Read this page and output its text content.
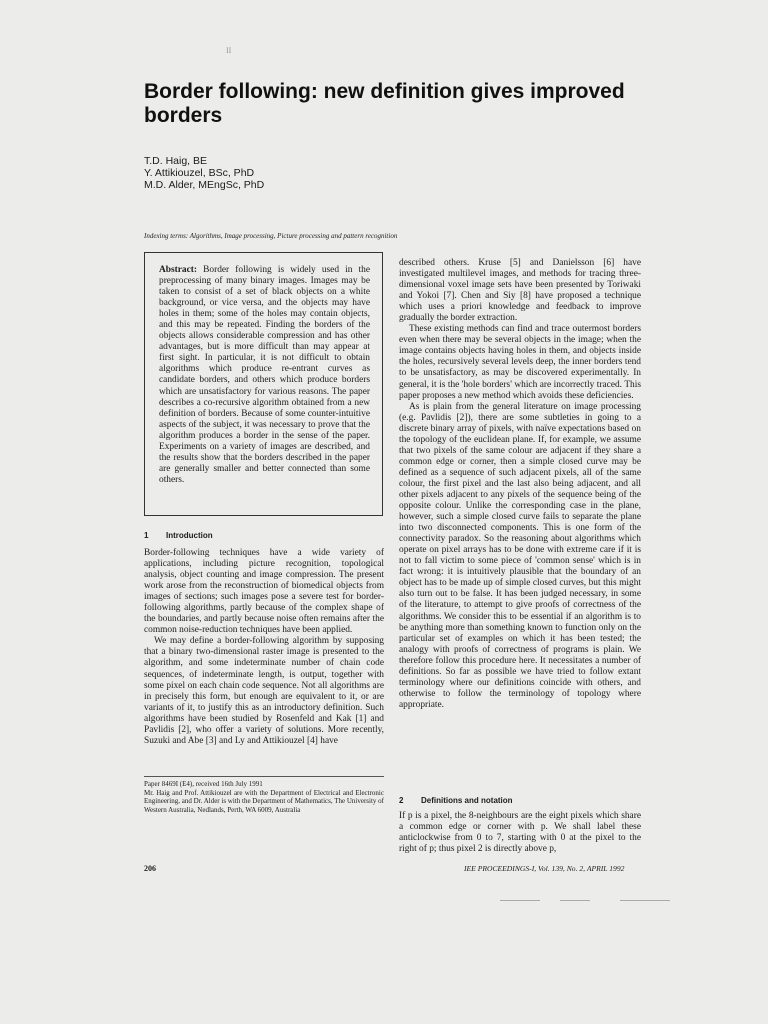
II
Border following: new definition gives improved borders
T.D. Haig, BE
Y. Attikiouzel, BSc, PhD
M.D. Alder, MEngSc, PhD
Indexing terms: Algorithms, Image processing, Picture processing and pattern recognition

Abstract: Border following is widely used in the preprocessing of many binary images. Images may be taken to consist of a set of black objects on a white background, or vice versa, and the objects may have holes in them; some of the holes may contain objects, and this may be repeated. Finding the borders of the objects allows considerable compression and has other advantages, but is more difficult than may appear at first sight. In particular, it is not difficult to obtain algorithms which produce re-entrant curves as candidate borders, and others which produce borders which are unsatisfactory for various reasons. The paper describes a co-recursive algorithm obtained from a new definition of borders. Because of some counter-intuitive aspects of the subject, it was necessary to prove that the algorithm produces a border in the sense of the paper. Experiments on a variety of images are described, and the results show that the borders described in the paper are generally smaller and better connected than some others.

1 Introduction

Border-following techniques have a wide variety of applications, including picture recognition, topological analysis, object counting and image compression. The present work arose from the reconstruction of biomedical objects from images of sections; such images pose a severe test for border-following algorithms, partly because of the complex shape of the boundaries, and partly because noise often remains after the common noise-reduction techniques have been applied.

We may define a border-following algorithm by supposing that a binary two-dimensional raster image is presented to the algorithm, and some indeterminate number of chain code sequences, of indeterminate length, is output, together with some pixel on each chain code sequence. Not all algorithms are in precisely this form, but enough are equivalent to it, or are variants of it, to justify this as an introductory definition. Such algorithms have been studied by Rosenfeld and Kak [1] and Pavlidis [2], who offer a variety of solutions. More recently, Suzuki and Abe [3] and Ly and Attikiouzel [4] have

Paper 8469I (E4), received 16th July 1991

Mr. Haig and Prof. Attikiouzel are with the Department of Electrical and Electronic Engineering, and Dr. Alder is with the Department of Mathematics, The University of Western Australia, Nedlands, Perth, WA 6009, Australia

described others. Kruse [5] and Danielsson [6] have investigated multilevel images, and methods for tracing three-dimensional voxel image sets have been presented by Toriwaki and Yokoi [7]. Chen and Siy [8] have proposed a technique which uses a priori knowledge and feedback to improve gradually the border extraction.

These existing methods can find and trace outermost borders even when there may be several objects in the image; when the image contains objects having holes in them, and objects inside the holes, recursively several levels deep, the inner borders tend to be unsatisfactory, as may be discovered experimentally. In general, it is the 'hole borders' which are incorrectly traced. This paper proposes a new method which avoids these deficiencies.

As is plain from the general literature on image processing (e.g. Pavlidis [2]), there are some subtleties in going to a discrete binary array of pixels, with naïve expectations based on the topology of the euclidean plane. If, for example, we assume that two pixels of the same colour are adjacent if they share a common edge or corner, then a simple closed curve may be defined as a sequence of such adjacent pixels, all of the same colour, the first pixel and the last also being adjacent, and all other pixels adjacent to any pixels of the sequence being of the opposite colour. Unlike the corresponding case in the plane, however, such a simple closed curve fails to separate the plane into two disconnected components. This is one form of the connectivity paradox. So the reasoning about algorithms which operate on pixel arrays has to be done with extreme care if it is not to fall victim to some piece of 'common sense' which is in fact wrong: it is intuitively plausible that the boundary of an object has to be made up of simple closed curves, but this might also turn out to be false. It has been judged necessary, in some of the literature, to attempt to give proofs of correctness of the algorithms. We consider this to be essential if an algorithm is to be anything more than something known to function only on the particular set of examples on which it has been tested; the analogy with proofs of correctness of programs is plain. We therefore follow this procedure here. It necessitates a number of definitions. So far as possible we have tried to follow extant terminology where our definitions coincide with others, and otherwise to follow the terminology of topology where appropriate.

2 Definitions and notation

If p is a pixel, the 8-neighbours are the eight pixels which share a common edge or corner with p. We shall label these anticlockwise from 0 to 7, starting with 0 at the pixel to the right of p; thus pixel 2 is directly above p,

206	IEE PROCEEDINGS-I, Vol. 139, No. 2, APRIL 1992
